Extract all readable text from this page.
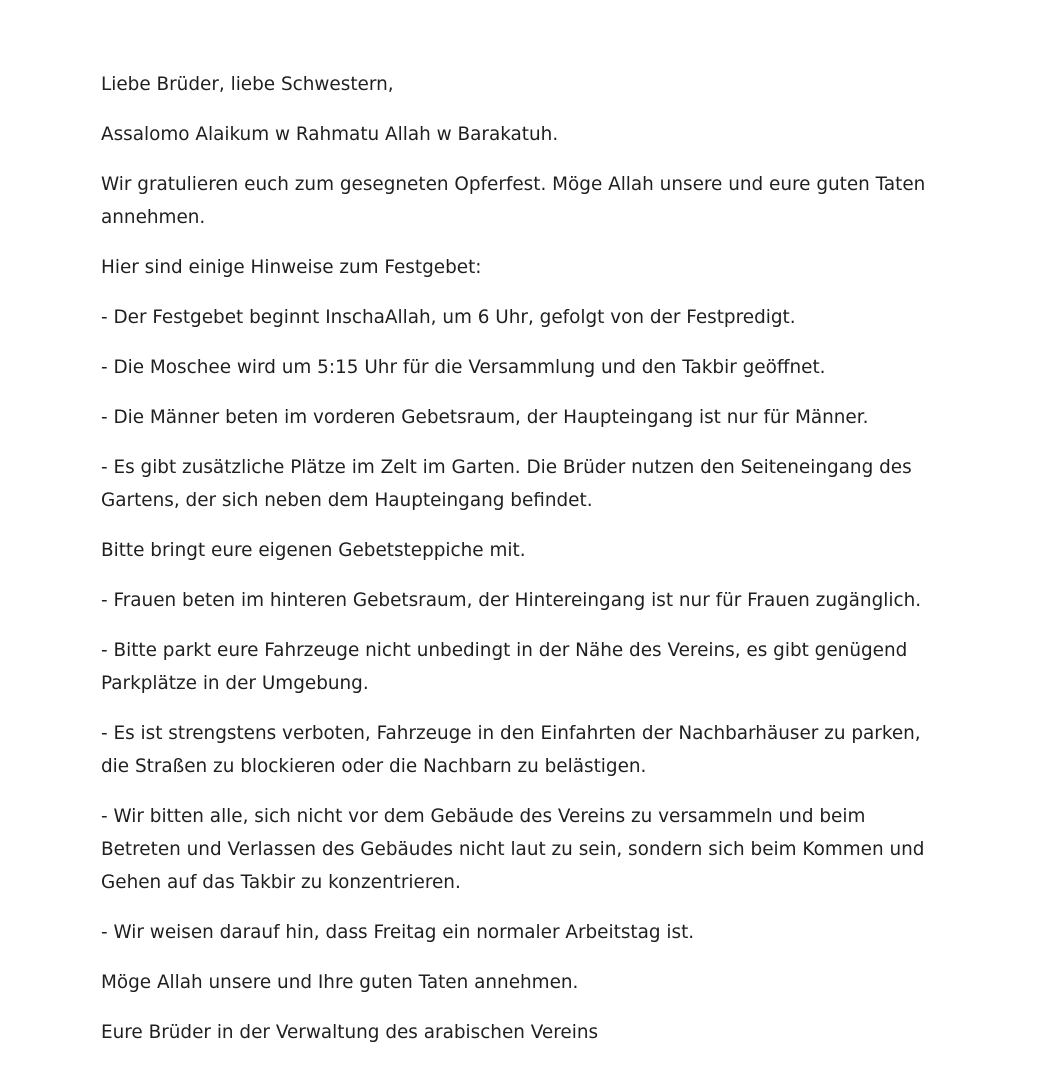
Liebe Brüder, liebe Schwestern,

Assalomo Alaikum w Rahmatu Allah w Barakatuh.

Wir gratulieren euch zum gesegneten Opferfest. Möge Allah unsere und eure guten Taten annehmen.

Hier sind einige Hinweise zum Festgebet:

- Der Festgebet beginnt InschaAllah, um 6 Uhr, gefolgt von der Festpredigt.

- Die Moschee wird um 5:15 Uhr für die Versammlung und den Takbir geöffnet.

- Die Männer beten im vorderen Gebetsraum, der Haupteingang ist nur für Männer.

- Es gibt zusätzliche Plätze im Zelt im Garten. Die Brüder nutzen den Seiteneingang des Gartens, der sich neben dem Haupteingang befindet.

Bitte bringt eure eigenen Gebetsteppiche mit.

- Frauen beten im hinteren Gebetsraum, der Hintereingang ist nur für Frauen zugänglich.

- Bitte parkt eure Fahrzeuge nicht unbedingt in der Nähe des Vereins, es gibt genügend Parkplätze in der Umgebung.

- Es ist strengstens verboten, Fahrzeuge in den Einfahrten der Nachbarhäuser zu parken, die Straßen zu blockieren oder die Nachbarn zu belästigen.

- Wir bitten alle, sich nicht vor dem Gebäude des Vereins zu versammeln und beim Betreten und Verlassen des Gebäudes nicht laut zu sein, sondern sich beim Kommen und Gehen auf das Takbir zu konzentrieren.

- Wir weisen darauf hin, dass Freitag ein normaler Arbeitstag ist.

Möge Allah unsere und Ihre guten Taten annehmen.

Eure Brüder in der Verwaltung des arabischen Vereins
